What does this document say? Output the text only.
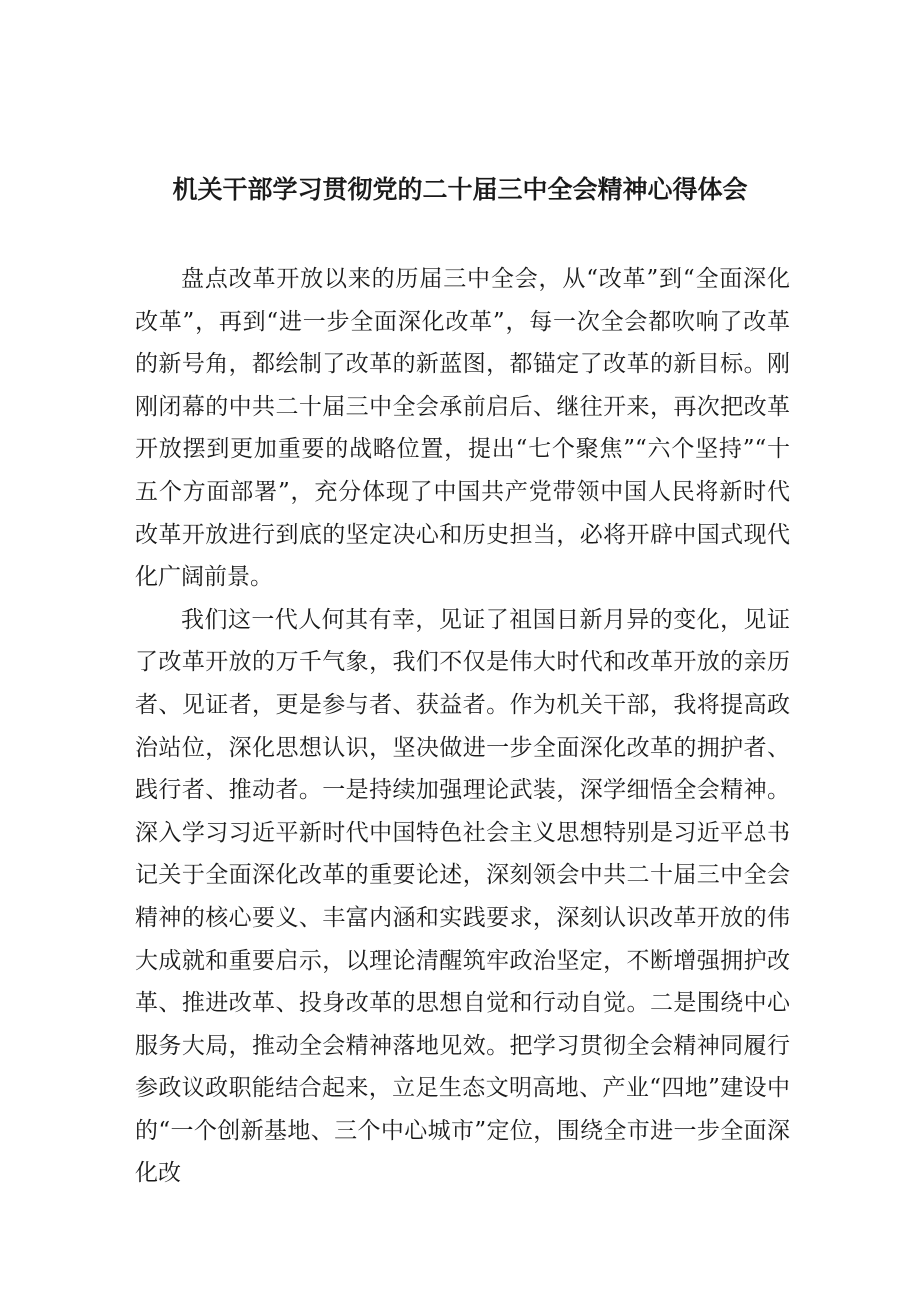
机关干部学习贯彻党的二十届三中全会精神心得体会

盘点改革开放以来的历届三中全会，从“改革”到“全面深化改革”，再到“进一步全面深化改革”，每一次全会都吹响了改革的新号角，都绘制了改革的新蓝图，都锚定了改革的新目标。刚刚闭幕的中共二十届三中全会承前启后、继往开来，再次把改革开放摆到更加重要的战略位置，提出“七个聚焦”“六个坚持”“十五个方面部署”，充分体现了中国共产党带领中国人民将新时代改革开放进行到底的坚定决心和历史担当，必将开辟中国式现代化广阔前景。

我们这一代人何其有幸，见证了祖国日新月异的变化，见证了改革开放的万千气象，我们不仅是伟大时代和改革开放的亲历者、见证者，更是参与者、获益者。作为机关干部，我将提高政治站位，深化思想认识，坚决做进一步全面深化改革的拥护者、践行者、推动者。一是持续加强理论武装，深学细悟全会精神。深入学习习近平新时代中国特色社会主义思想特别是习近平总书记关于全面深化改革的重要论述，深刻领会中共二十届三中全会精神的核心要义、丰富内涵和实践要求，深刻认识改革开放的伟大成就和重要启示，以理论清醒筑牢政治坚定，不断增强拥护改革、推进改革、投身改革的思想自觉和行动自觉。二是围绕中心服务大局，推动全会精神落地见效。把学习贯彻全会精神同履行参政议政职能结合起来，立足生态文明高地、产业“四地”建设中的“一个创新基地、三个中心城市”定位，围绕全市进一步全面深化改
